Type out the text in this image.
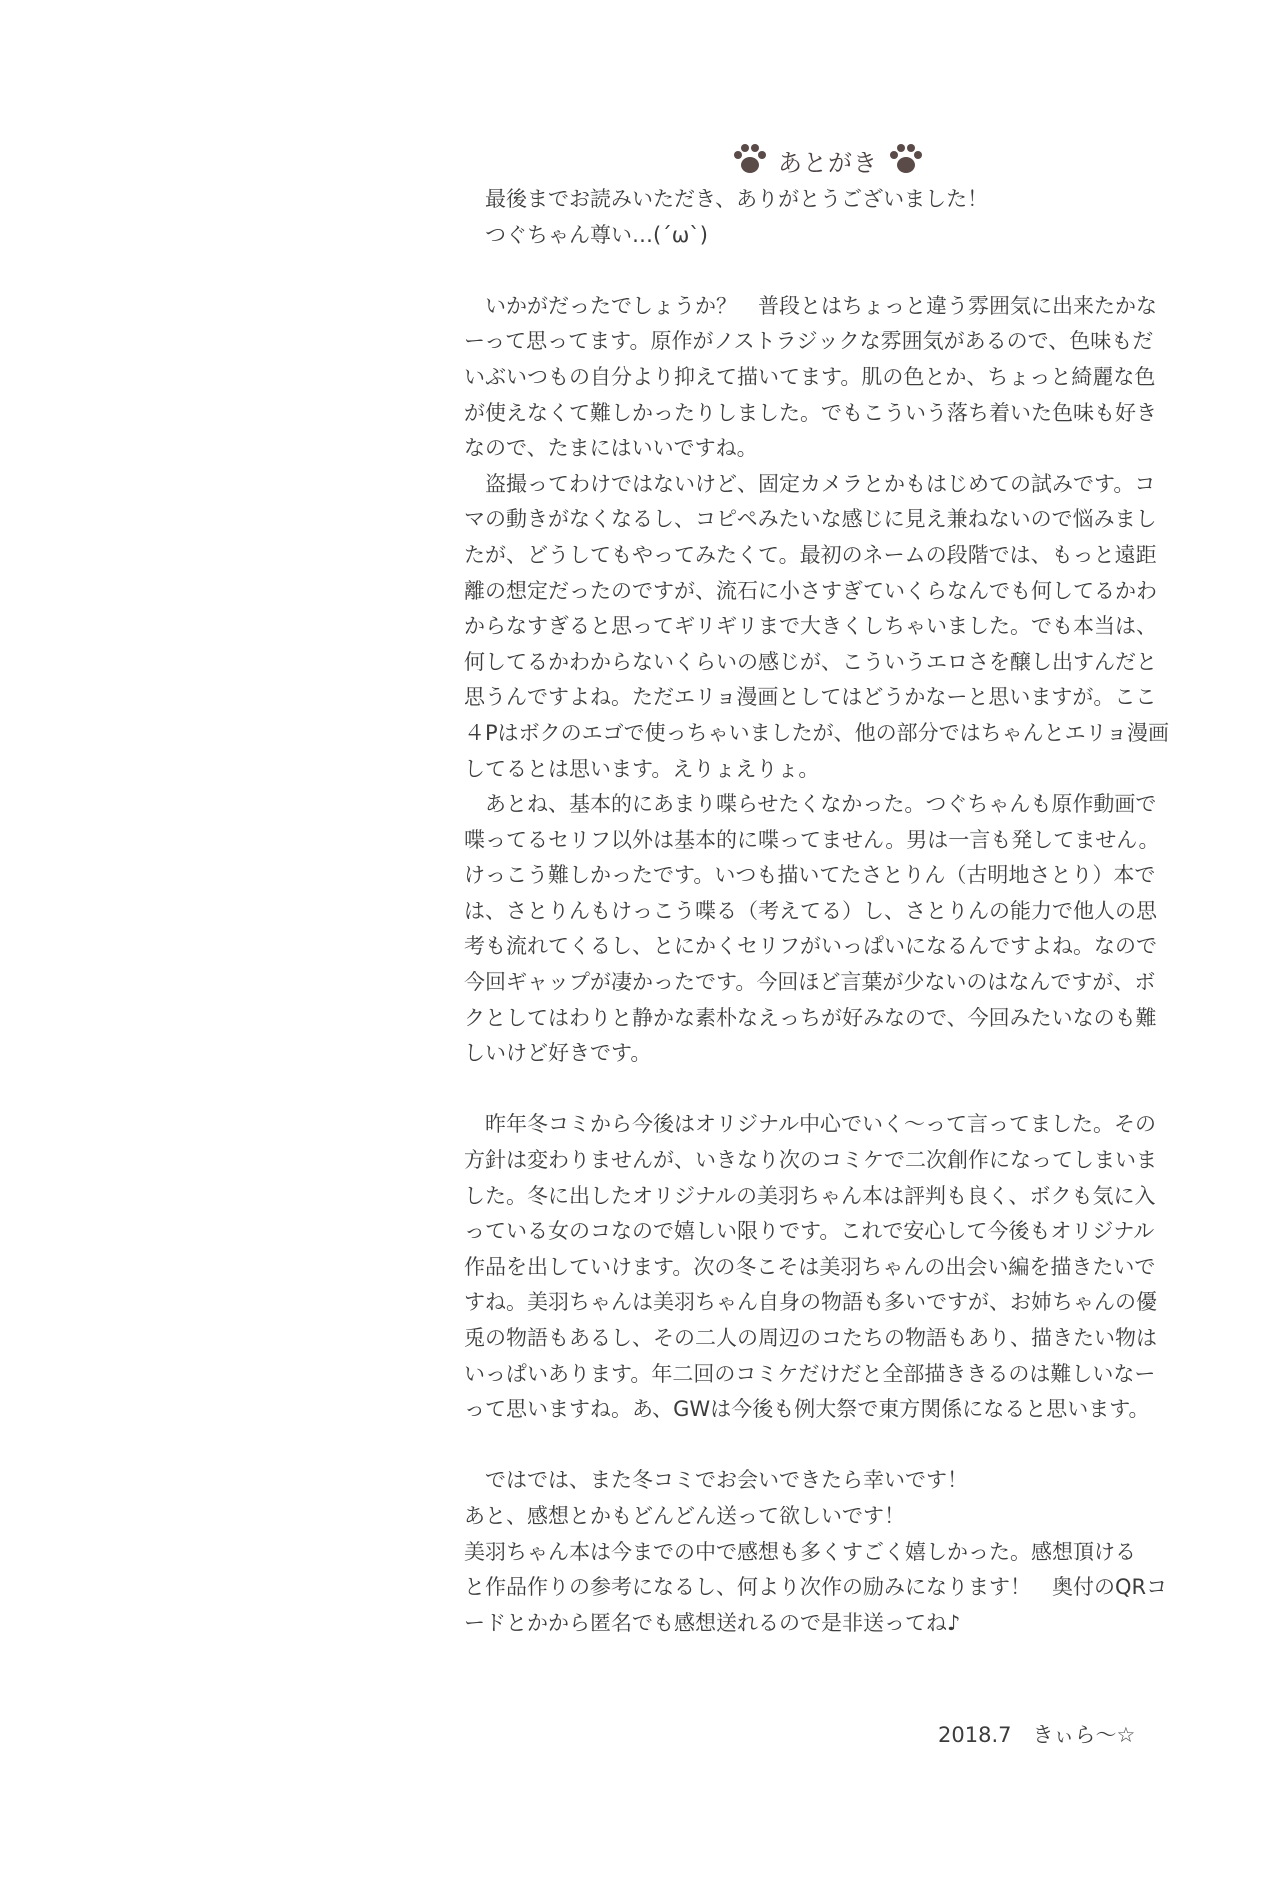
あとがき
最後までお読みいただき、ありがとうございました！
つぐちゃん尊い…(´ω`)
いかがだったでしょうか？　普段とはちょっと違う雰囲気に出来たかな
ーって思ってます。原作がノストラジックな雰囲気があるので、色味もだ
いぶいつもの自分より抑えて描いてます。肌の色とか、ちょっと綺麗な色
が使えなくて難しかったりしました。でもこういう落ち着いた色味も好き
なので、たまにはいいですね。
盗撮ってわけではないけど、固定カメラとかもはじめての試みです。コ
マの動きがなくなるし、コピペみたいな感じに見え兼ねないので悩みまし
たが、どうしてもやってみたくて。最初のネームの段階では、もっと遠距
離の想定だったのですが、流石に小さすぎていくらなんでも何してるかわ
からなすぎると思ってギリギリまで大きくしちゃいました。でも本当は、
何してるかわからないくらいの感じが、こういうエロさを醸し出すんだと
思うんですよね。ただエリョ漫画としてはどうかなーと思いますが。ここ
４Pはボクのエゴで使っちゃいましたが、他の部分ではちゃんとエリョ漫画
してるとは思います。えりょえりょ。
あとね、基本的にあまり喋らせたくなかった。つぐちゃんも原作動画で
喋ってるセリフ以外は基本的に喋ってません。男は一言も発してません。
けっこう難しかったです。いつも描いてたさとりん（古明地さとり）本で
は、さとりんもけっこう喋る（考えてる）し、さとりんの能力で他人の思
考も流れてくるし、とにかくセリフがいっぱいになるんですよね。なので
今回ギャップが凄かったです。今回ほど言葉が少ないのはなんですが、ボ
クとしてはわりと静かな素朴なえっちが好みなので、今回みたいなのも難
しいけど好きです。
昨年冬コミから今後はオリジナル中心でいく～って言ってました。その
方針は変わりませんが、いきなり次のコミケで二次創作になってしまいま
した。冬に出したオリジナルの美羽ちゃん本は評判も良く、ボクも気に入
っている女のコなので嬉しい限りです。これで安心して今後もオリジナル
作品を出していけます。次の冬こそは美羽ちゃんの出会い編を描きたいで
すね。美羽ちゃんは美羽ちゃん自身の物語も多いですが、お姉ちゃんの優
兎の物語もあるし、その二人の周辺のコたちの物語もあり、描きたい物は
いっぱいあります。年二回のコミケだけだと全部描ききるのは難しいなー
って思いますね。あ、GWは今後も例大祭で東方関係になると思います。
ではでは、また冬コミでお会いできたら幸いです！
あと、感想とかもどんどん送って欲しいです！
美羽ちゃん本は今までの中で感想も多くすごく嬉しかった。感想頂ける
と作品作りの参考になるし、何より次作の励みになります！　奥付のQRコ
ードとかから匿名でも感想送れるので是非送ってね♪
2018.7　きぃら～☆
